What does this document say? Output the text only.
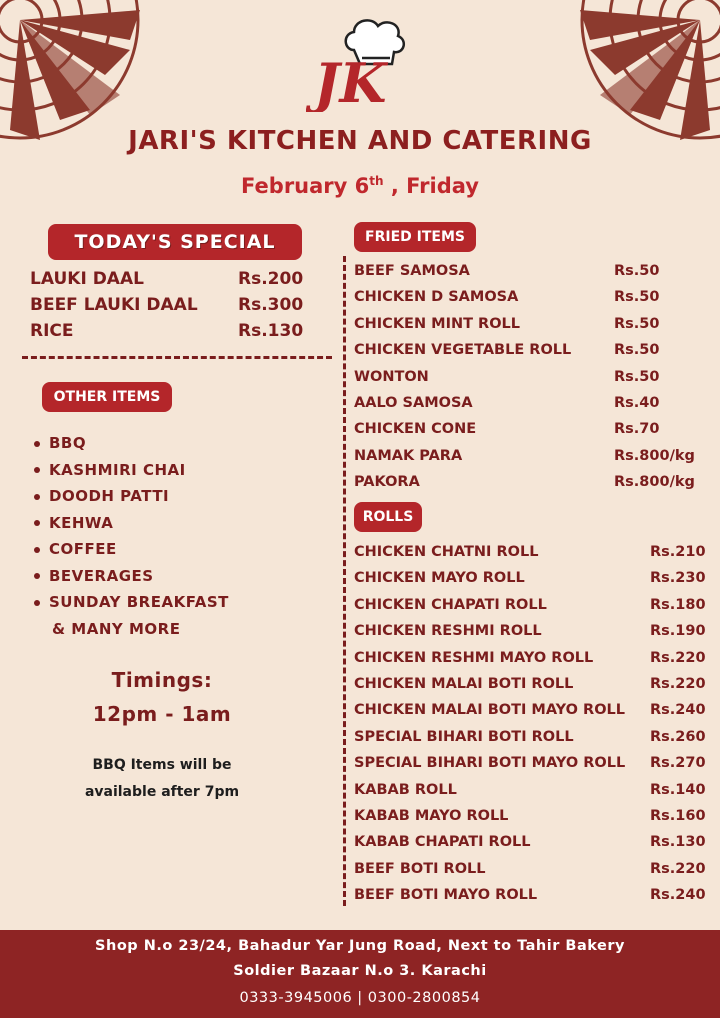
JK
JARI'S KITCHEN AND CATERING
February 6th , Friday
TODAY'S SPECIAL
LAUKI DAAL	Rs.200
BEEF LAUKI DAAL Rs.300
RICE	Rs.130
OTHER ITEMS
BBQ
KASHMIRI CHAI
DOODH PATTI
KEHWA
COFFEE
BEVERAGES
SUNDAY BREAKFAST
& MANY MORE
Timings:
12pm - 1am
BBQ Items will be
available after 7pm
FRIED ITEMS
BEEF SAMOSA	Rs.50
CHICKEN D SAMOSA	Rs.50
CHICKEN MINT ROLL	Rs.50
CHICKEN VEGETABLE ROLL	Rs.50
WONTON	Rs.50
AALO SAMOSA	Rs.40
CHICKEN CONE	Rs.70
NAMAK PARA	Rs.800/kg
PAKORA	Rs.800/kg
ROLLS
CHICKEN CHATNI ROLL	Rs.210
CHICKEN MAYO ROLL	Rs.230
CHICKEN CHAPATI ROLL	Rs.180
CHICKEN RESHMI ROLL	Rs.190
CHICKEN RESHMI MAYO ROLL	Rs.220
CHICKEN MALAI BOTI ROLL	Rs.220
CHICKEN MALAI BOTI MAYO ROLL	Rs.240
SPECIAL BIHARI BOTI ROLL	Rs.260
SPECIAL BIHARI BOTI MAYO ROLL	Rs.270
KABAB ROLL	Rs.140
KABAB MAYO ROLL	Rs.160
KABAB CHAPATI ROLL	Rs.130
BEEF BOTI ROLL	Rs.220
BEEF BOTI MAYO ROLL	Rs.240
Shop N.o 23/24, Bahadur Yar Jung Road, Next to Tahir Bakery
Soldier Bazaar N.o 3. Karachi
0333-3945006 | 0300-2800854
